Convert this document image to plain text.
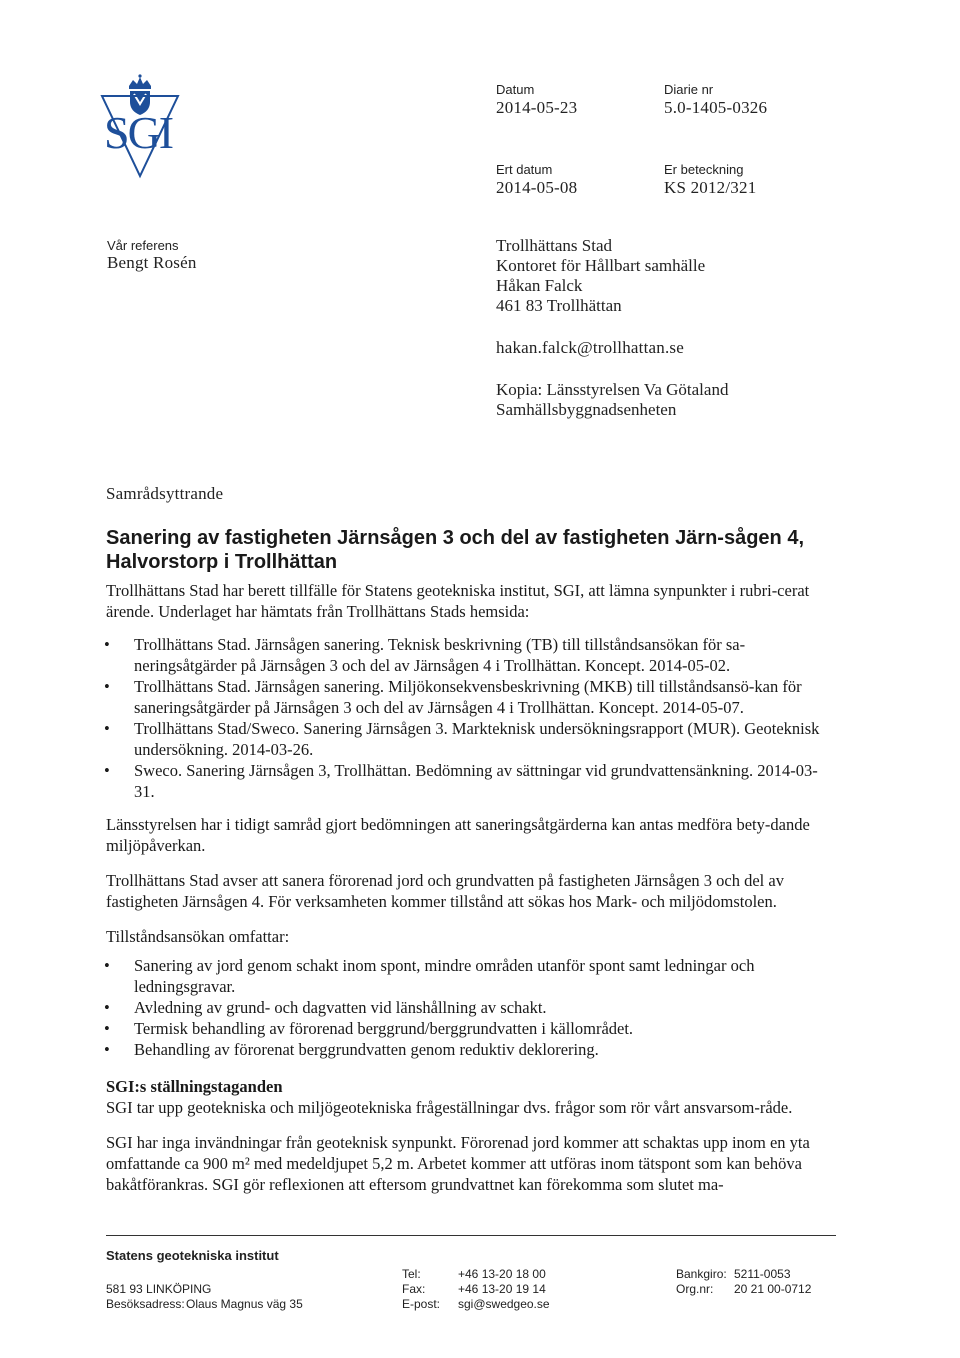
SGI
Datum
2014-05-23
Diarie nr
5.0-1405-0326
Ert datum
2014-05-08
Er beteckning
KS 2012/321
Vår referens
Bengt Rosén
Trollhättans Stad
Kontoret för Hållbart samhälle
Håkan Falck
461 83 Trollhättan
hakan.falck@trollhattan.se
Kopia: Länsstyrelsen Va Götaland
Samhällsbyggnadsenheten
Samrådsyttrande
Sanering av fastigheten Järnsågen 3 och del av fastigheten Järn-sågen 4, Halvorstorp i Trollhättan

Trollhättans Stad har berett tillfälle för Statens geotekniska institut, SGI, att lämna synpunkter i rubri-cerat ärende. Underlaget har hämtats från Trollhättans Stads hemsida:

• Trollhättans Stad. Järnsågen sanering. Teknisk beskrivning (TB) till tillståndsansökan för sa-neringsåtgärder på Järnsågen 3 och del av Järnsågen 4 i Trollhättan. Koncept. 2014-05-02.
• Trollhättans Stad. Järnsågen sanering. Miljökonsekvensbeskrivning (MKB) till tillståndsansö-kan för saneringsåtgärder på Järnsågen 3 och del av Järnsågen 4 i Trollhättan. Koncept. 2014-05-07.
• Trollhättans Stad/Sweco. Sanering Järnsågen 3. Markteknisk undersökningsrapport (MUR). Geoteknisk undersökning. 2014-03-26.
• Sweco. Sanering Järnsågen 3, Trollhättan. Bedömning av sättningar vid grundvattensänkning. 2014-03-31.

Länsstyrelsen har i tidigt samråd gjort bedömningen att saneringsåtgärderna kan antas medföra bety-dande miljöpåverkan.

Trollhättans Stad avser att sanera förorenad jord och grundvatten på fastigheten Järnsågen 3 och del av fastigheten Järnsågen 4. För verksamheten kommer tillstånd att sökas hos Mark- och miljödomstolen.

Tillståndsansökan omfattar:

• Sanering av jord genom schakt inom spont, mindre områden utanför spont samt ledningar och ledningsgravar.
• Avledning av grund- och dagvatten vid länshållning av schakt.
• Termisk behandling av förorenad berggrund/berggrundvatten i källområdet.
• Behandling av förorenat berggrundvatten genom reduktiv deklorering.

SGI:s ställningstaganden

SGI tar upp geotekniska och miljögeotekniska frågeställningar dvs. frågor som rör vårt ansvarsom-råde.

SGI har inga invändningar från geoteknisk synpunkt. Förorenad jord kommer att schaktas upp inom en yta omfattande ca 900 m² med medeldjupet 5,2 m. Arbetet kommer att utföras inom tätspont som kan behöva bakåtförankras. SGI gör reflexionen att eftersom grundvattnet kan förekomma som slutet ma-

Statens geotekniska institut
581 93 LINKÖPING
Besöksadress: Olaus Magnus väg 35
Tel:	+46 13-20 18 00
Fax:	+46 13-20 19 14
E-post: sgi@swedgeo.se
Bankgiro: 5211-0053
Org.nr: 20 21 00-0712
